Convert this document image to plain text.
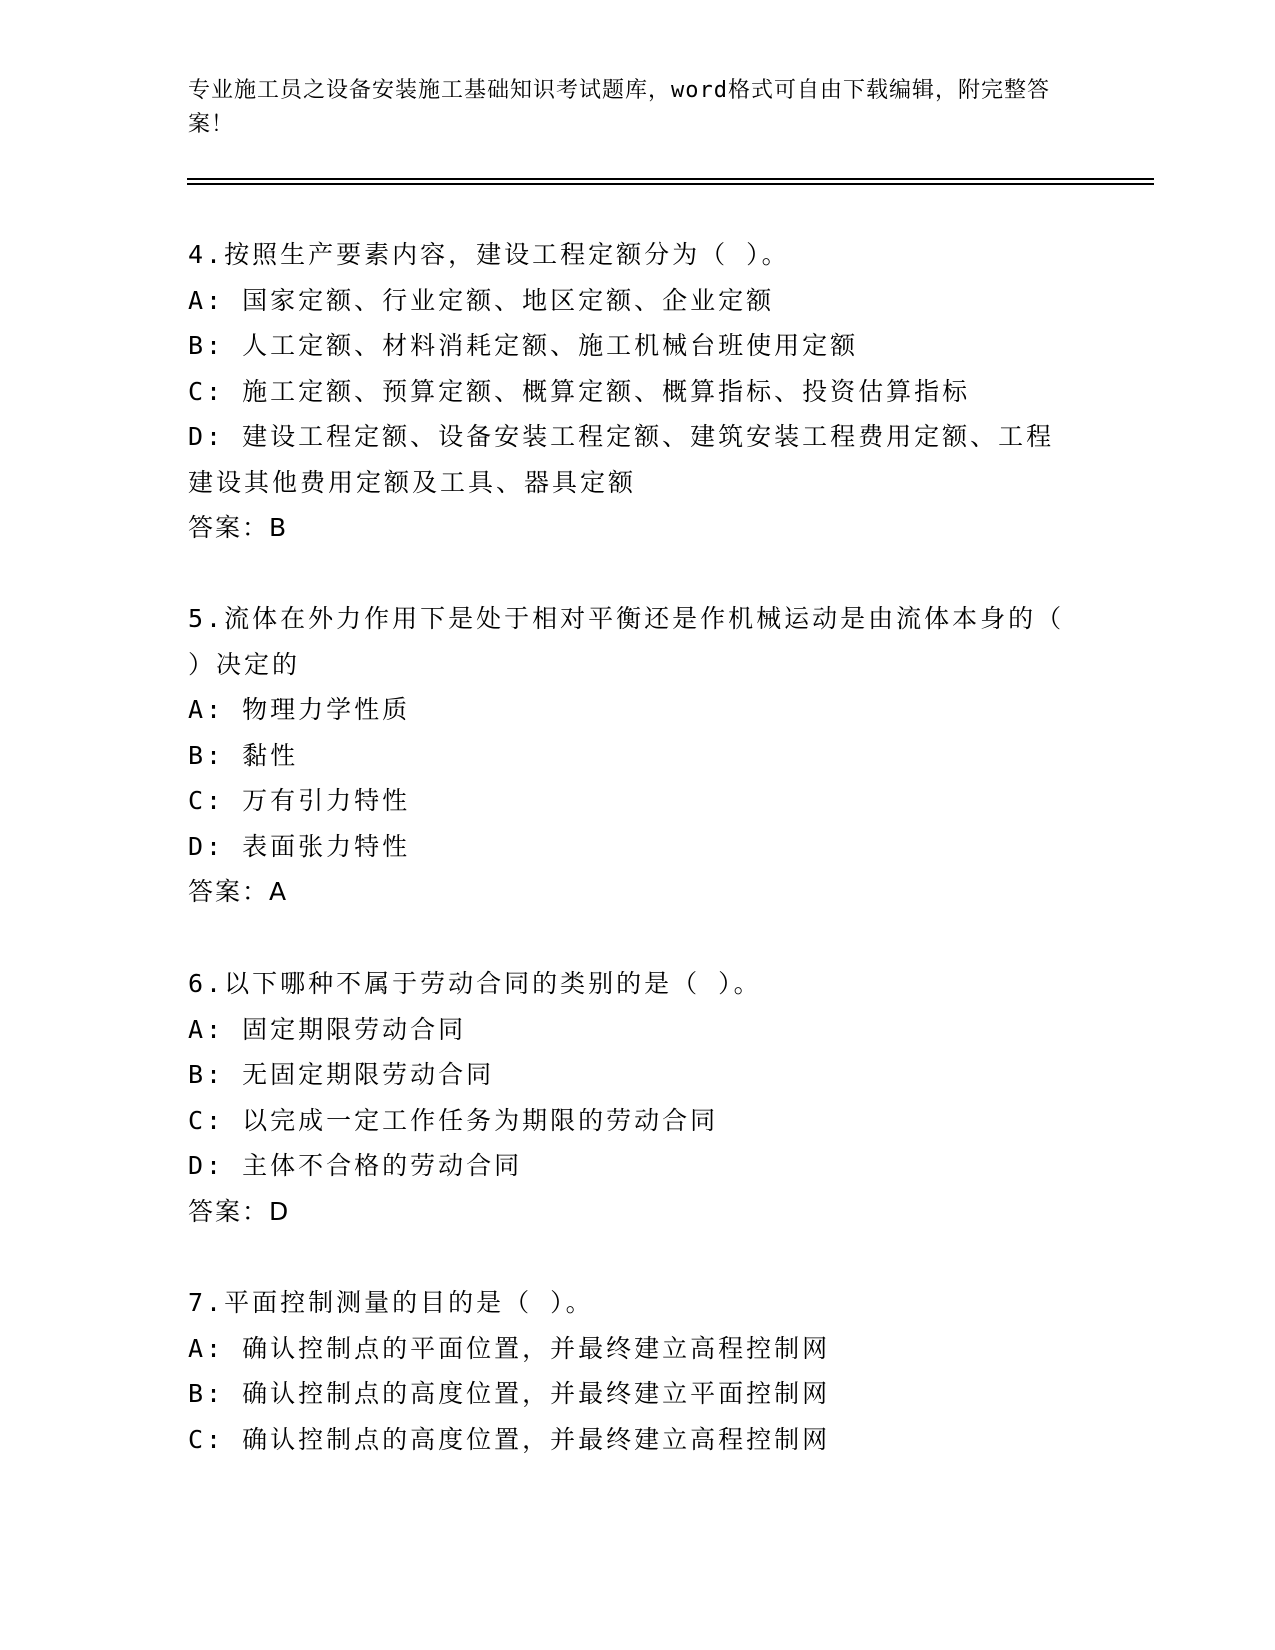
专业施工员之设备安装施工基础知识考试题库，word格式可自由下载编辑，附完整答案！
4.按照生产要素内容，建设工程定额分为（ ）。
A: 国家定额、行业定额、地区定额、企业定额
B: 人工定额、材料消耗定额、施工机械台班使用定额
C: 施工定额、预算定额、概算定额、概算指标、投资估算指标
D: 建设工程定额、设备安装工程定额、建筑安装工程费用定额、工程建设其他费用定额及工具、器具定额
答案：B
5.流体在外力作用下是处于相对平衡还是作机械运动是由流体本身的（ ）决定的
A: 物理力学性质
B: 黏性
C: 万有引力特性
D: 表面张力特性
答案：A
6.以下哪种不属于劳动合同的类别的是（ ）。
A: 固定期限劳动合同
B: 无固定期限劳动合同
C: 以完成一定工作任务为期限的劳动合同
D: 主体不合格的劳动合同
答案：D
7.平面控制测量的目的是（ ）。
A: 确认控制点的平面位置，并最终建立高程控制网
B: 确认控制点的高度位置，并最终建立平面控制网
C: 确认控制点的高度位置，并最终建立高程控制网
